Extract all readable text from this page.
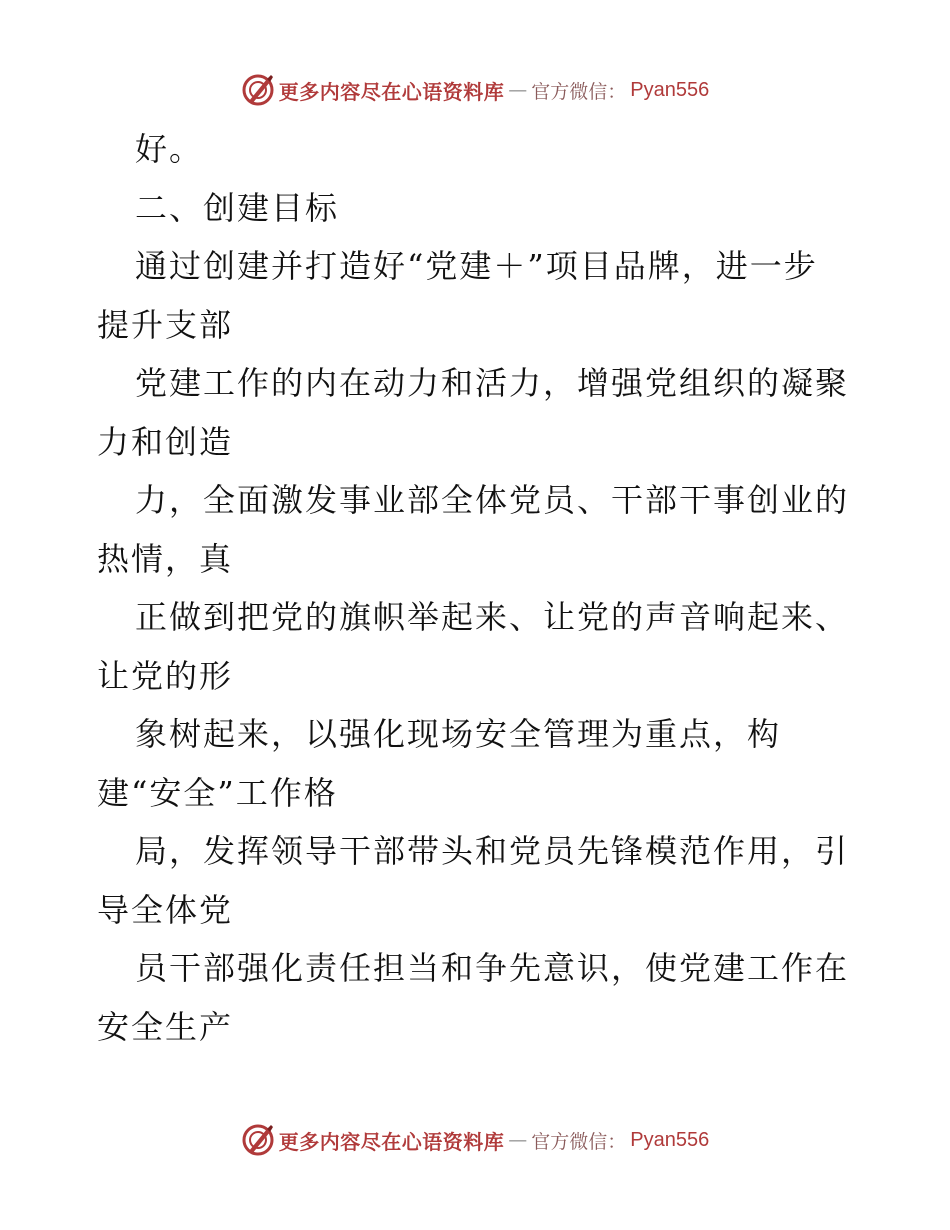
更多内容尽在心语资料库 — 官方微信： Pyan556
好。
二、创建目标
通过创建并打造好“党建＋”项目品牌，进一步
提升支部
党建工作的内在动力和活力，增强党组织的凝聚
力和创造
力，全面激发事业部全体党员、干部干事创业的
热情，真
正做到把党的旗帜举起来、让党的声音响起来、
让党的形
象树起来，以强化现场安全管理为重点，构
建“安全”工作格
局，发挥领导干部带头和党员先锋模范作用，引
导全体党
员干部强化责任担当和争先意识，使党建工作在
安全生产
更多内容尽在心语资料库 — 官方微信： Pyan556
